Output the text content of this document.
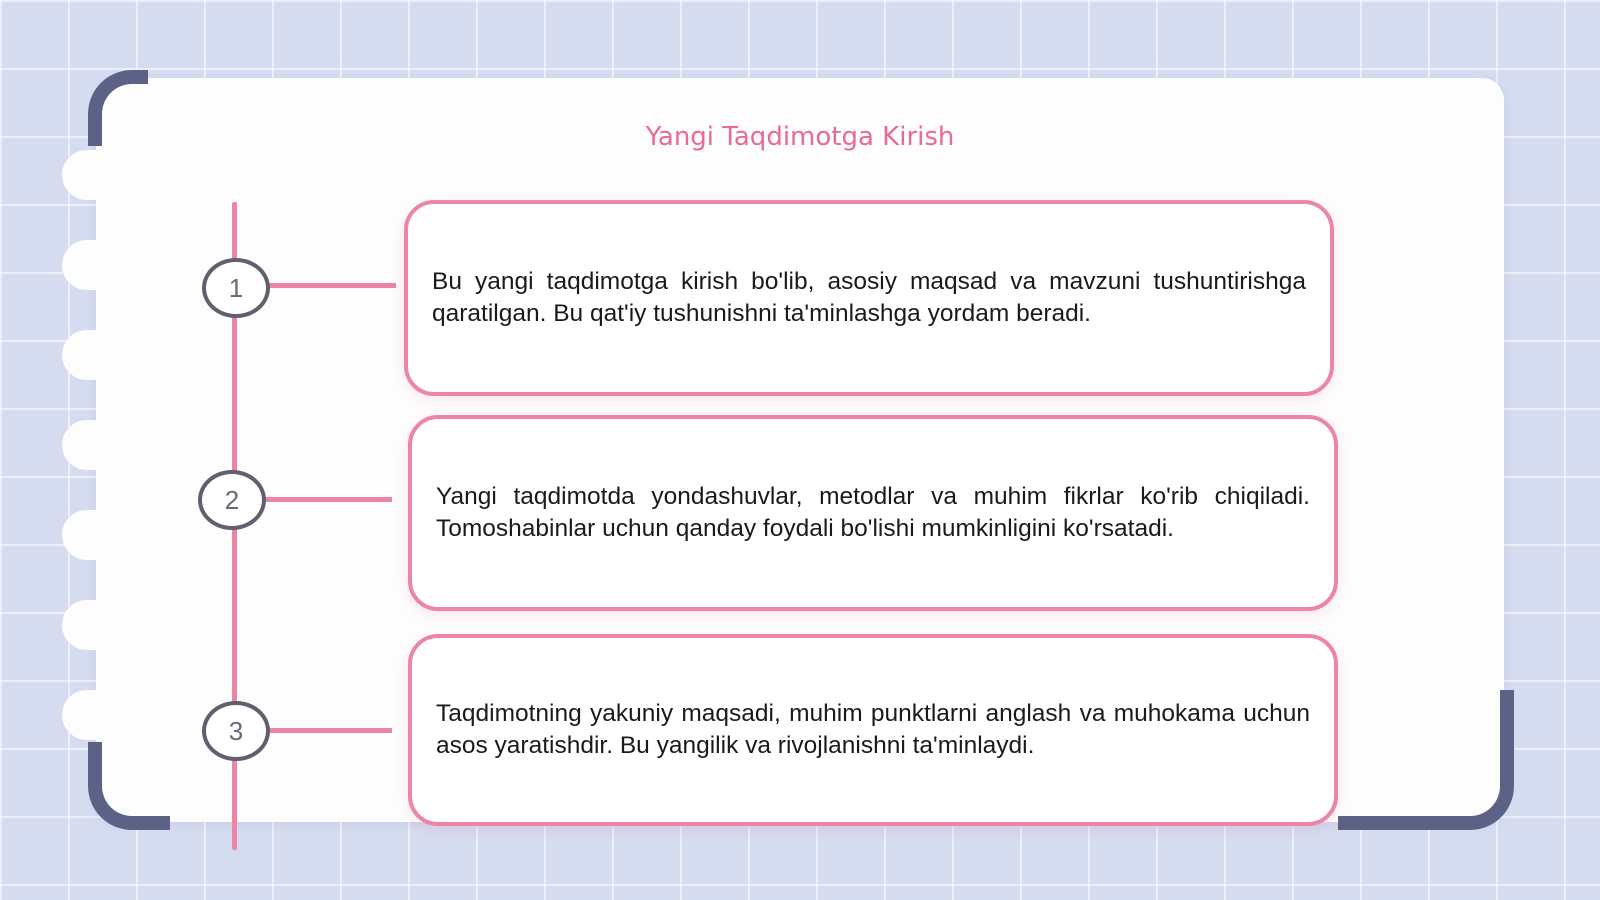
Yangi Taqdimotga Kirish
1
2
3
Bu yangi taqdimotga kirish bo'lib, asosiy maqsad va mavzuni tushuntirishga qaratilgan. Bu qat'iy tushunishni ta'minlashga yordam beradi.
Yangi taqdimotda yondashuvlar, metodlar va muhim fikrlar ko'rib chiqiladi. Tomoshabinlar uchun qanday foydali bo'lishi mumkinligini ko'rsatadi.
Taqdimotning yakuniy maqsadi, muhim punktlarni anglash va muhokama uchun asos yaratishdir. Bu yangilik va rivojlanishni ta'minlaydi.
